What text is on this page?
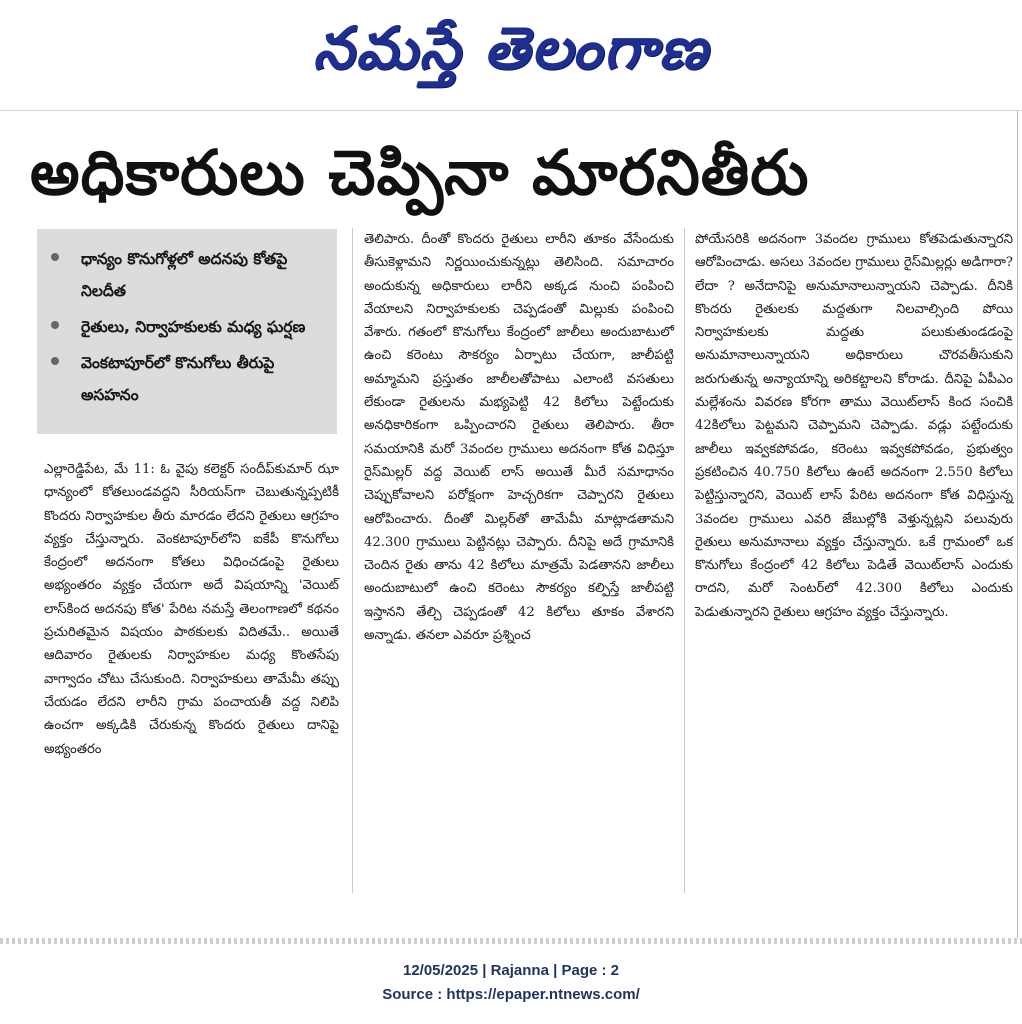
నమస్తే తెలంగాణ
అధికారులు చెప్పినా మారనితీరు
ధాన్యం కొనుగోళ్లలో అదనపు కోతపై నిలదీత
రైతులు, నిర్వాహకులకు మధ్య ఘర్షణ
వెంకటాపూర్‌లో కొనుగోలు తీరుపై అసహనం
ఎల్లారెడ్డిపేట, మే 11: ఓ వైపు కలెక్టర్ సందీప్‌కుమార్ ఝా ధాన్యంలో కోతలుండవద్దని సీరియస్‌గా చెబుతున్నప్పటికీ కొందరు నిర్వాహకుల తీరు మారడం లేదని రైతులు ఆగ్రహం వ్యక్తం చేస్తున్నారు. వెంకటాపూర్‌లోని ఐకేపీ కొనుగోలు కేంద్రంలో అదనంగా కోతలు విధించడంపై రైతులు అభ్యంతరం వ్యక్తం చేయగా అదే విషయాన్ని 'వెయిట్ లాస్‌కింద అదనపు కోత' పేరిట నమస్తే తెలంగాణలో కథనం ప్రచురితమైన విషయం పాఠకులకు విదితమే.. అయితే ఆదివారం రైతులకు నిర్వాహకుల మధ్య కొంతసేపు వాగ్వాదం చోటు చేసుకుంది. నిర్వాహకులు తామేమీ తప్పు చేయడం లేదని లారీని గ్రామ పంచాయతీ వద్ద నిలిపి ఉంచగా అక్కడికి చేరుకున్న కొందరు రైతులు దానిపై అభ్యంతరం
తెలిపారు. దీంతో కొందరు రైతులు లారీని తూకం వేసేందుకు తీసుకెళ్లామని నిర్ణయించుకున్నట్లు తెలిసింది. సమాచారం అందుకున్న అధికారులు లారీని అక్కడ నుంచి పంపించి వేయాలని నిర్వాహకులకు చెప్పడంతో మిల్లుకు పంపించి వేశారు. గతంలో కొనుగోలు కేంద్రంలో జాలీలు అందుబాటులో ఉంచి కరెంటు సౌకర్యం ఏర్పాటు చేయగా, జాలీపట్టి అమ్మామని ప్రస్తుతం జాలీలతోపాటు ఎలాంటి వసతులు లేకుండా రైతులను మభ్యపెట్టి 42 కిలోలు పెట్టేందుకు అనధికారికంగా ఒప్పించారని రైతులు తెలిపారు. తీరా సమయానికి మరో 3వందల గ్రాములు అదనంగా కోత విధిస్తూ రైస్‌మిల్లర్ వద్ద వెయిట్ లాస్ అయితే మీరే సమాధానం చెప్పుకోవాలని పరోక్షంగా హెచ్చరికగా చెప్పారని రైతులు ఆరోపించారు. దీంతో మిల్లర్‌తో తామేమీ మాట్లాడతామని 42.300 గ్రాములు పెట్టినట్లు చెప్పారు. దీనిపై అదే గ్రామానికి చెందిన రైతు తాను 42 కిలోలు మాత్రమే పెడతానని జాలీలు అందుబాటులో ఉంచి కరెంటు సౌకర్యం కల్పిస్తే జాలీపట్టి ఇస్తానని తేల్చి చెప్పడంతో 42 కిలోలు తూకం వేశారని అన్నాడు. తనలా ఎవరూ ప్రశ్నించ
పోయేసరికి అదనంగా 3వందల గ్రాములు కోతపెడుతున్నారని ఆరోపించాడు. అసలు 3వందల గ్రాములు రైస్‌మిల్లర్లు అడిగారా? లేదా ? అనేదానిపై అనుమానాలున్నాయని చెప్పాడు. దీనికి కొందరు రైతులకు మద్దతుగా నిలవాల్సింది పోయి నిర్వాహకులకు మద్దతు పలుకుతుండడంపై అనుమానాలున్నాయని అధికారులు చొరవతీసుకుని జరుగుతున్న అన్యాయాన్ని అరికట్టాలని కోరాడు. దీనిపై ఏపీఎం మల్లేశంను వివరణ కోరగా తాము వెయిట్‌లాస్ కింద సంచికి 42కిలోలు పెట్టమని చెప్పామని చెప్పాడు. వడ్లు పట్టేందుకు జాలీలు ఇవ్వకపోవడం, కరెంటు ఇవ్వకపోవడం, ప్రభుత్వం ప్రకటించిన 40.750 కిలోలు ఉంటే అదనంగా 2.550 కిలోలు పెట్టిస్తున్నారని, వెయిట్ లాస్ పేరిట అదనంగా కోత విధిస్తున్న 3వందల గ్రాములు ఎవరి జేబుల్లోకి వెళ్తున్నట్లని పలువురు రైతులు అనుమానాలు వ్యక్తం చేస్తున్నారు. ఒకే గ్రామంలో ఒక కొనుగోలు కేంద్రంలో 42 కిలోలు పెడితే వెయిట్‌లాస్ ఎందుకు రాదని, మరో సెంటర్‌లో 42.300 కిలోలు ఎందుకు పెడుతున్నారని రైతులు ఆగ్రహం వ్యక్తం చేస్తున్నారు.
12/05/2025 | Rajanna | Page : 2
Source : https://epaper.ntnews.com/
